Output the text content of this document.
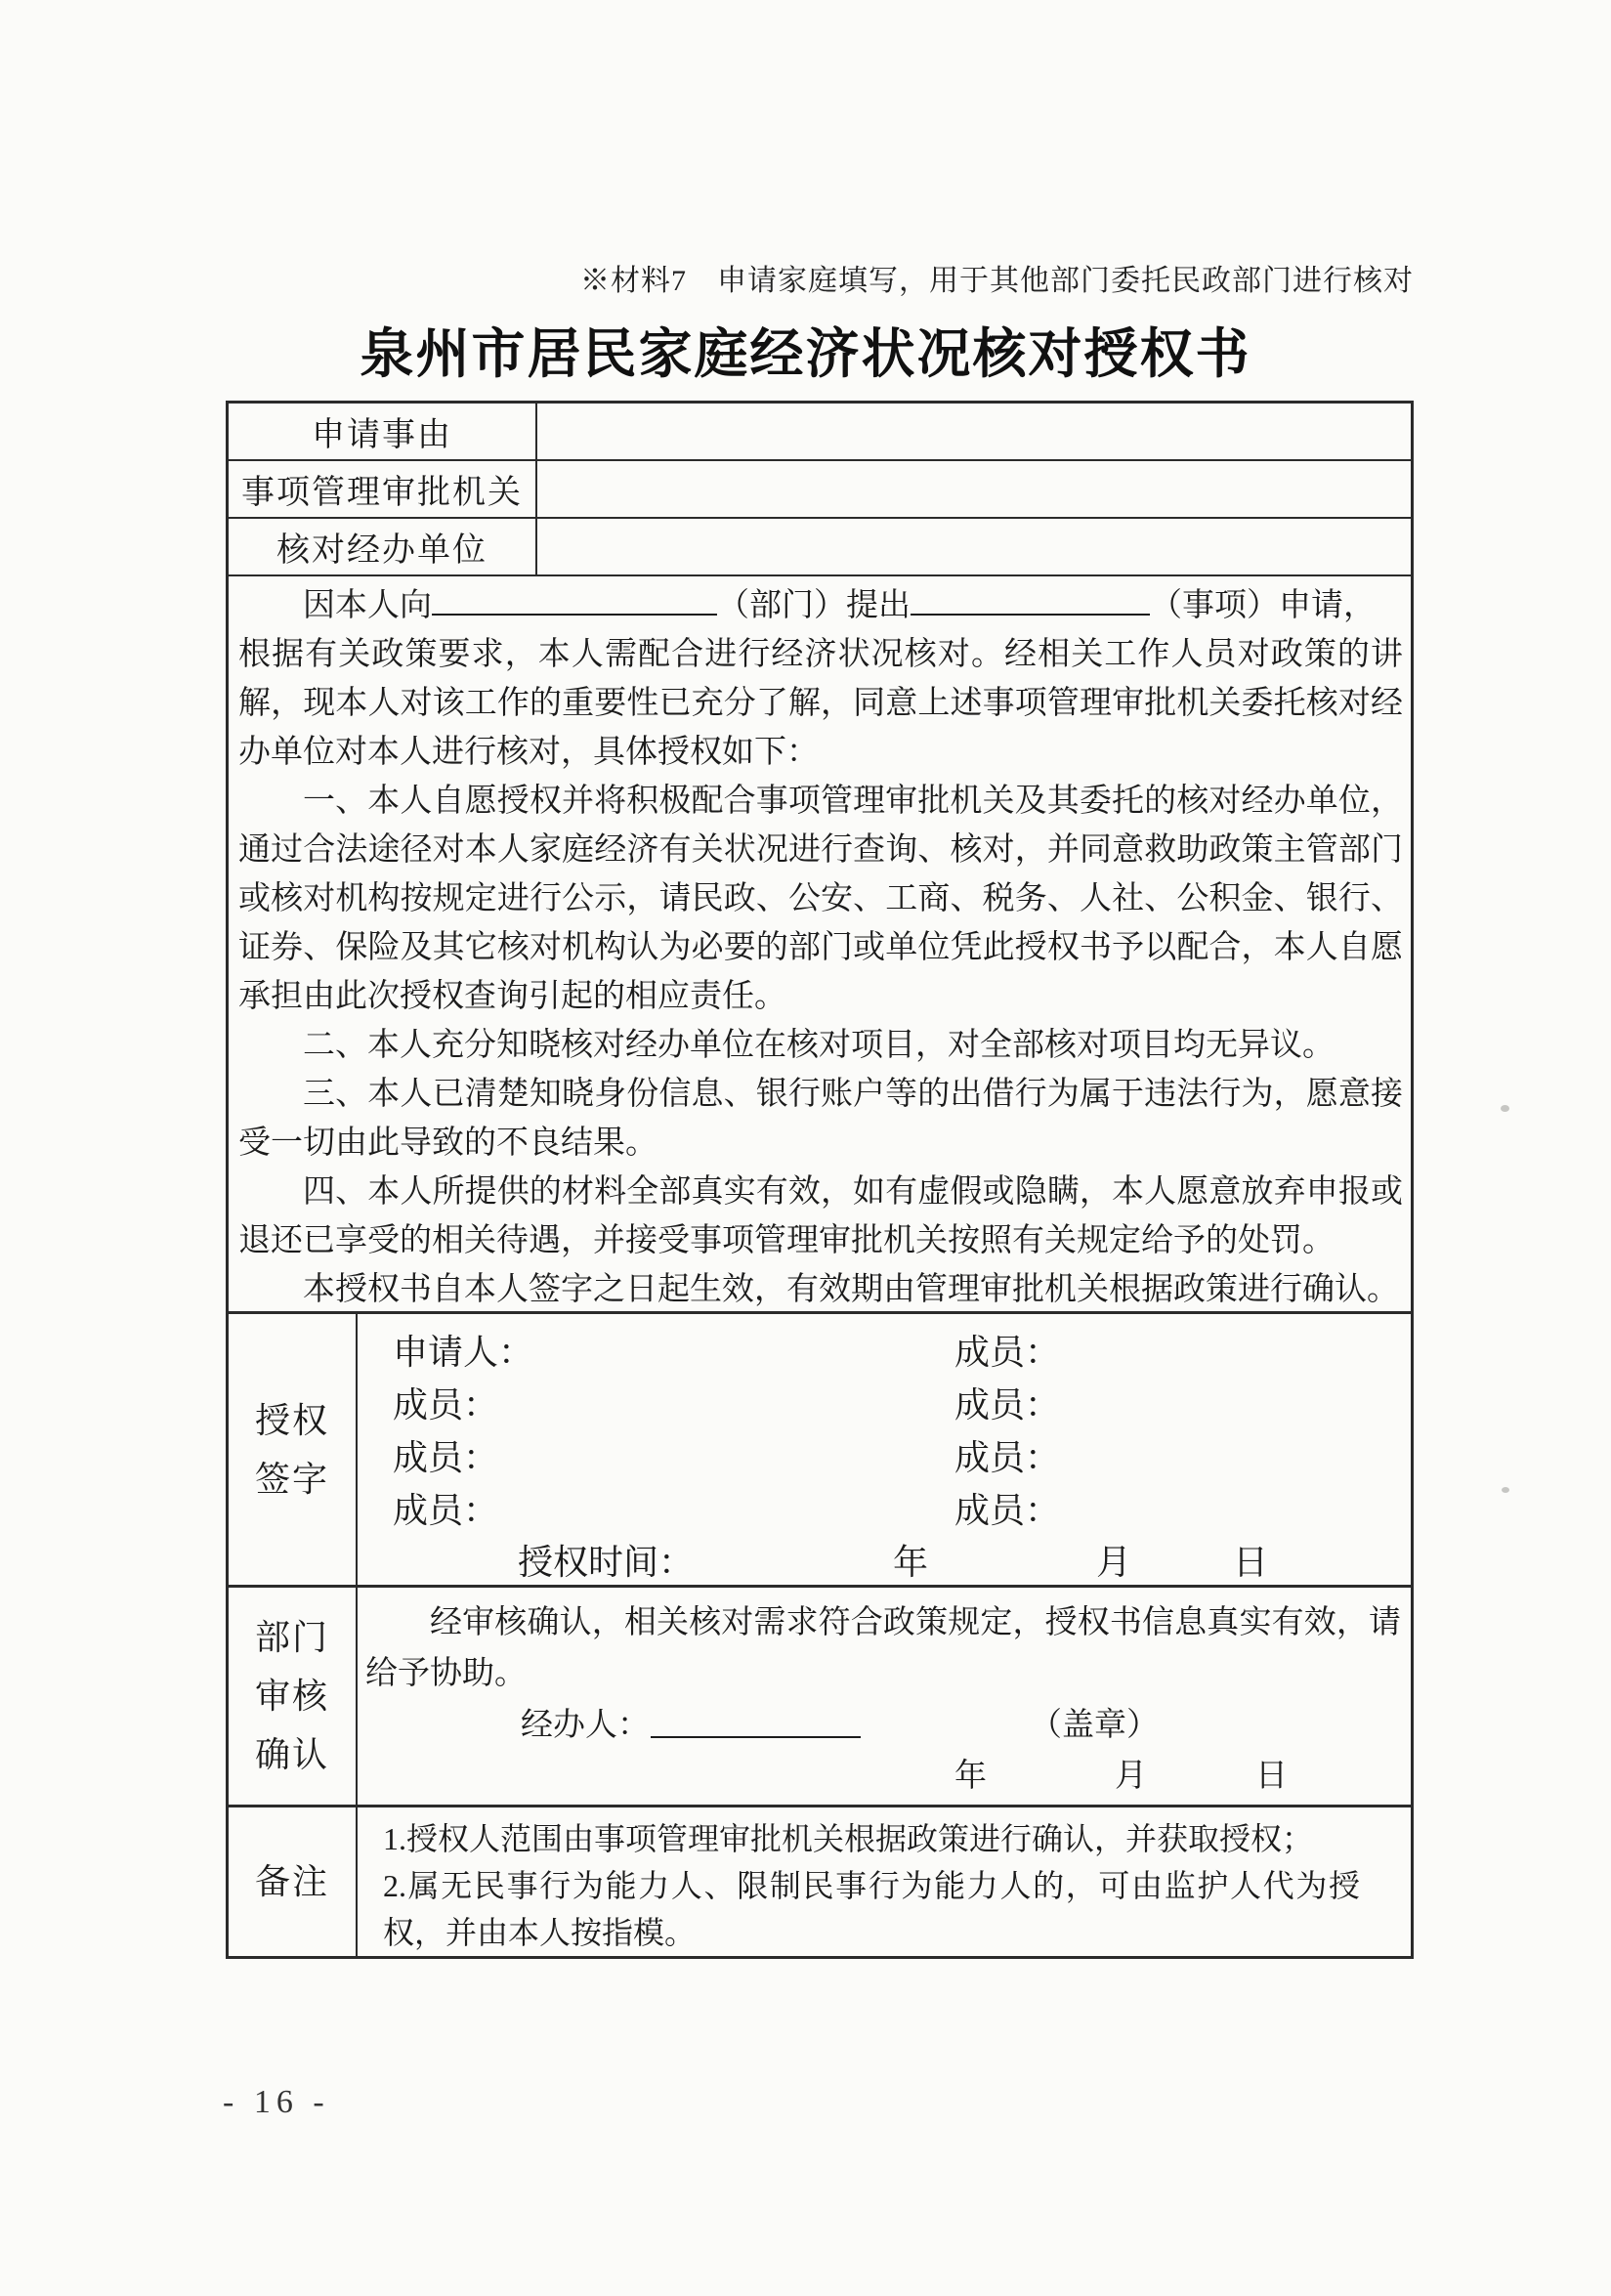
※材料7　申请家庭填写，用于其他部门委托民政部门进行核对
泉州市居民家庭经济状况核对授权书
申请事由
事项管理审批机关
核对经办单位

因本人向	（部门）提出	（事项）申请，
根据有关政策要求，本人需配合进行经济状况核对。经相关工作人员对政策的讲解，现本人对该工作的重要性已充分了解，同意上述事项管理审批机关委托核对经办单位对本人进行核对，具体授权如下：

一、本人自愿授权并将积极配合事项管理审批机关及其委托的核对经办单位，通过合法途径对本人家庭经济有关状况进行查询、核对，并同意救助政策主管部门或核对机构按规定进行公示，请民政、公安、工商、税务、人社、公积金、银行、证券、保险及其它核对机构认为必要的部门或单位凭此授权书予以配合，本人自愿承担由此次授权查询引起的相应责任。

二、本人充分知晓核对经办单位在核对项目，对全部核对项目均无异议。

三、本人已清楚知晓身份信息、银行账户等的出借行为属于违法行为，愿意接受一切由此导致的不良结果。

四、本人所提供的材料全部真实有效，如有虚假或隐瞒，本人愿意放弃申报或退还已享受的相关待遇，并接受事项管理审批机关按照有关规定给予的处罚。

本授权书自本人签字之日起生效，有效期由管理审批机关根据政策进行确认。

授权
签字
申请人：	成员：
成员：	成员：
成员：	成员：
成员：	成员：
授权时间：	年	月	日
部门
审核
确认

经审核确认，相关核对需求符合政策规定，授权书信息真实有效，请给予协助。

经办人：	（盖章）
年	月	日
备注

1.授权人范围由事项管理审批机关根据政策进行确认，并获取授权；

2.属无民事行为能力人、限制民事行为能力人的，可由监护人代为授权，并由本人按指模。

- 16 -
